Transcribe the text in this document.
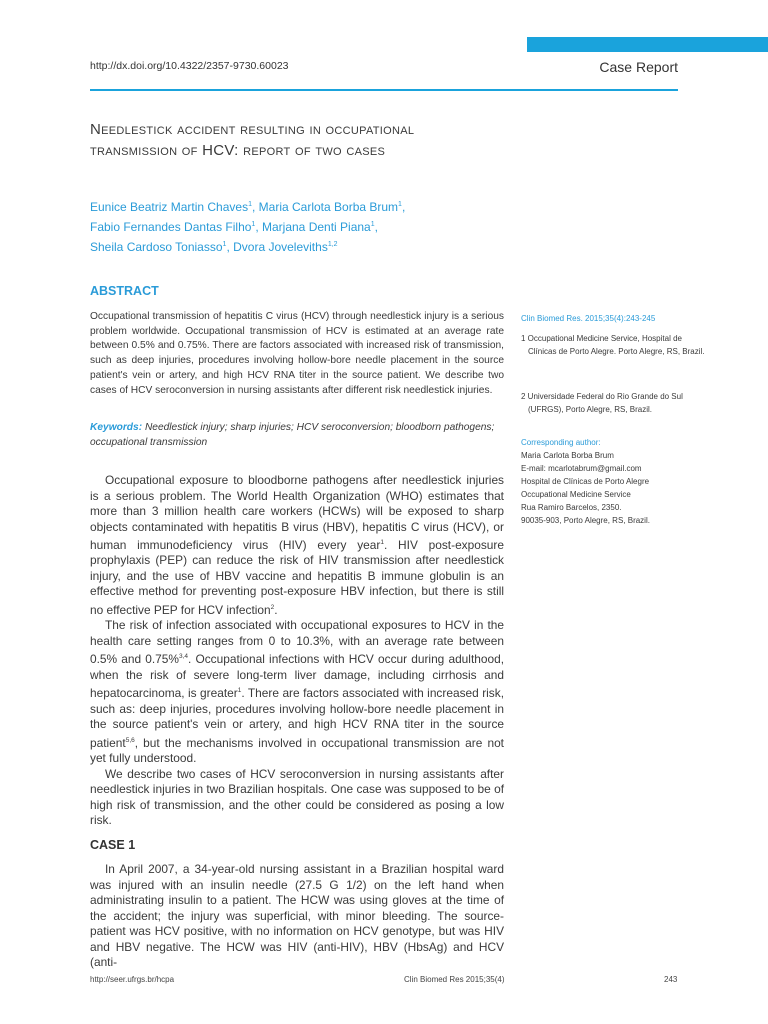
http://dx.doi.org/10.4322/2357-9730.60023	Case Report
Needlestick accident resulting in occupational
transmission of HCV: report of two cases
Eunice Beatriz Martin Chaves$^1$, Maria Carlota Borba Brum$^1$,
Fabio Fernandes Dantas Filho$^1$, Marjana Denti Piana$^1$,
Sheila Cardoso Toniasso$^1$, Dvora Joveleviths$^{1,2}$
ABSTRACT
Occupational transmission of hepatitis C virus (HCV) through needlestick injury is a serious problem worldwide. Occupational transmission of HCV is estimated at an average rate between 0.5% and 0.75%. There are factors associated with increased risk of transmission, such as deep injuries, procedures involving hollow-bore needle placement in the source patient's vein or artery, and high HCV RNA titer in the source patient. We describe two cases of HCV seroconversion in nursing assistants after different risk needlestick injuries.
Keywords: Needlestick injury; sharp injuries; HCV seroconversion; bloodborn pathogens; occupational transmission

Occupational exposure to bloodborne pathogens after needlestick injuries is a serious problem. The World Health Organization (WHO) estimates that more than 3 million health care workers (HCWs) will be exposed to sharp objects contaminated with hepatitis B virus (HBV), hepatitis C virus (HCV), or human immunodeficiency virus (HIV) every year$^1$. HIV post-exposure prophylaxis (PEP) can reduce the risk of HIV transmission after needlestick injury, and the use of HBV vaccine and hepatitis B immune globulin is an effective method for preventing post-exposure HBV infection, but there is still no effective PEP for HCV infection$^2$.

The risk of infection associated with occupational exposures to HCV in the health care setting ranges from 0 to 10.3%, with an average rate between 0.5% and 0.75%$^{3,4}$. Occupational infections with HCV occur during adulthood, when the risk of severe long-term liver damage, including cirrhosis and hepatocarcinoma, is greater$^1$. There are factors associated with increased risk, such as: deep injuries, procedures involving hollow-bore needle placement in the source patient's vein or artery, and high HCV RNA titer in the source patient$^{5,6}$, but the mechanisms involved in occupational transmission are not yet fully understood.

We describe two cases of HCV seroconversion in nursing assistants after needlestick injuries in two Brazilian hospitals. One case was supposed to be of high risk of transmission, and the other could be considered as posing a low risk.

CASE 1

In April 2007, a 34-year-old nursing assistant in a Brazilian hospital ward was injured with an insulin needle (27.5 G 1/2) on the left hand when administrating insulin to a patient. The HCW was using gloves at the time of the accident; the injury was superficial, with minor bleeding. The source-patient was HCV positive, with no information on HCV genotype, but was HIV and HBV negative. The HCW was HIV (anti-HIV), HBV (HbsAg) and HCV (anti-

Clin Biomed Res. 2015;35(4):243-245
1 Occupational Medicine Service, Hospital de Clínicas de Porto Alegre. Porto Alegre, RS, Brazil.
2 Universidade Federal do Rio Grande do Sul (UFRGS), Porto Alegre, RS, Brazil.
Corresponding author:
Maria Carlota Borba Brum
E-mail: mcarlotabrum@gmail.com
Hospital de Clínicas de Porto Alegre
Occupational Medicine Service
Rua Ramiro Barcelos, 2350.
90035-903, Porto Alegre, RS, Brazil.
http://seer.ufrgs.br/hcpa	Clin Biomed Res 2015;35(4)	243
